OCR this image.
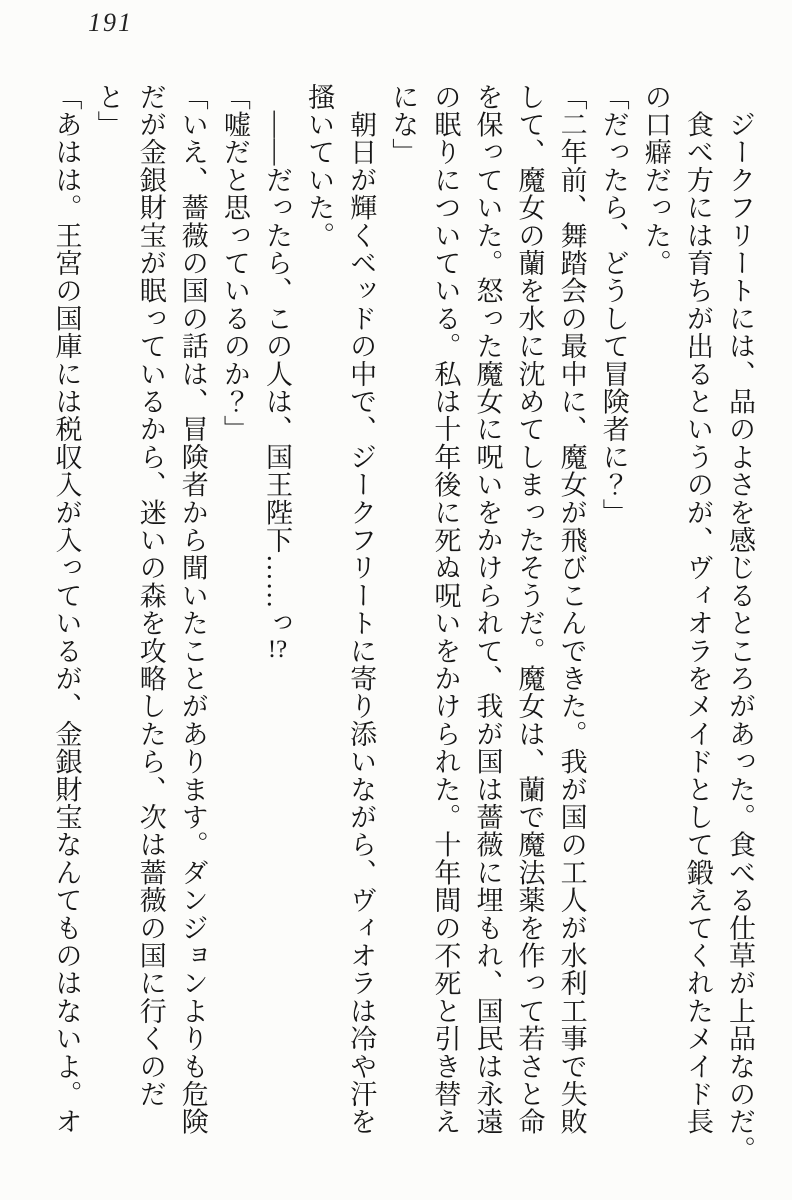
191
　ジークフリートには、品のよさを感じるところがあった。食べる仕草が上品なのだ。
　食べ方には育ちが出るというのが、ヴィオラをメイドとして鍛えてくれたメイド長
の口癖だった。
「だったら、どうして冒険者に？」
「二年前、舞踏会の最中に、魔女が飛びこんできた。我が国の工人が水利工事で失敗
して、魔女の蘭を水に沈めてしまったそうだ。魔女は、蘭で魔法薬を作って若さと命
を保っていた。怒った魔女に呪いをかけられて、我が国は薔薇に埋もれ、国民は永遠
の眠りについている。私は十年後に死ぬ呪いをかけられた。十年間の不死と引き替え
にな」
　朝日が輝くベッドの中で、ジークフリートに寄り添いながら、ヴィオラは冷や汗を
搔いていた。
　――だったら、この人は、国王陛下……っ!?
「嘘だと思っているのか？」
「いえ、薔薇の国の話は、冒険者から聞いたことがあります。ダンジョンよりも危険
だが金銀財宝が眠っているから、迷いの森を攻略したら、次は薔薇の国に行くのだ
と」
「あはは。王宮の国庫には税収入が入っているが、金銀財宝なんてものはないよ。オ
